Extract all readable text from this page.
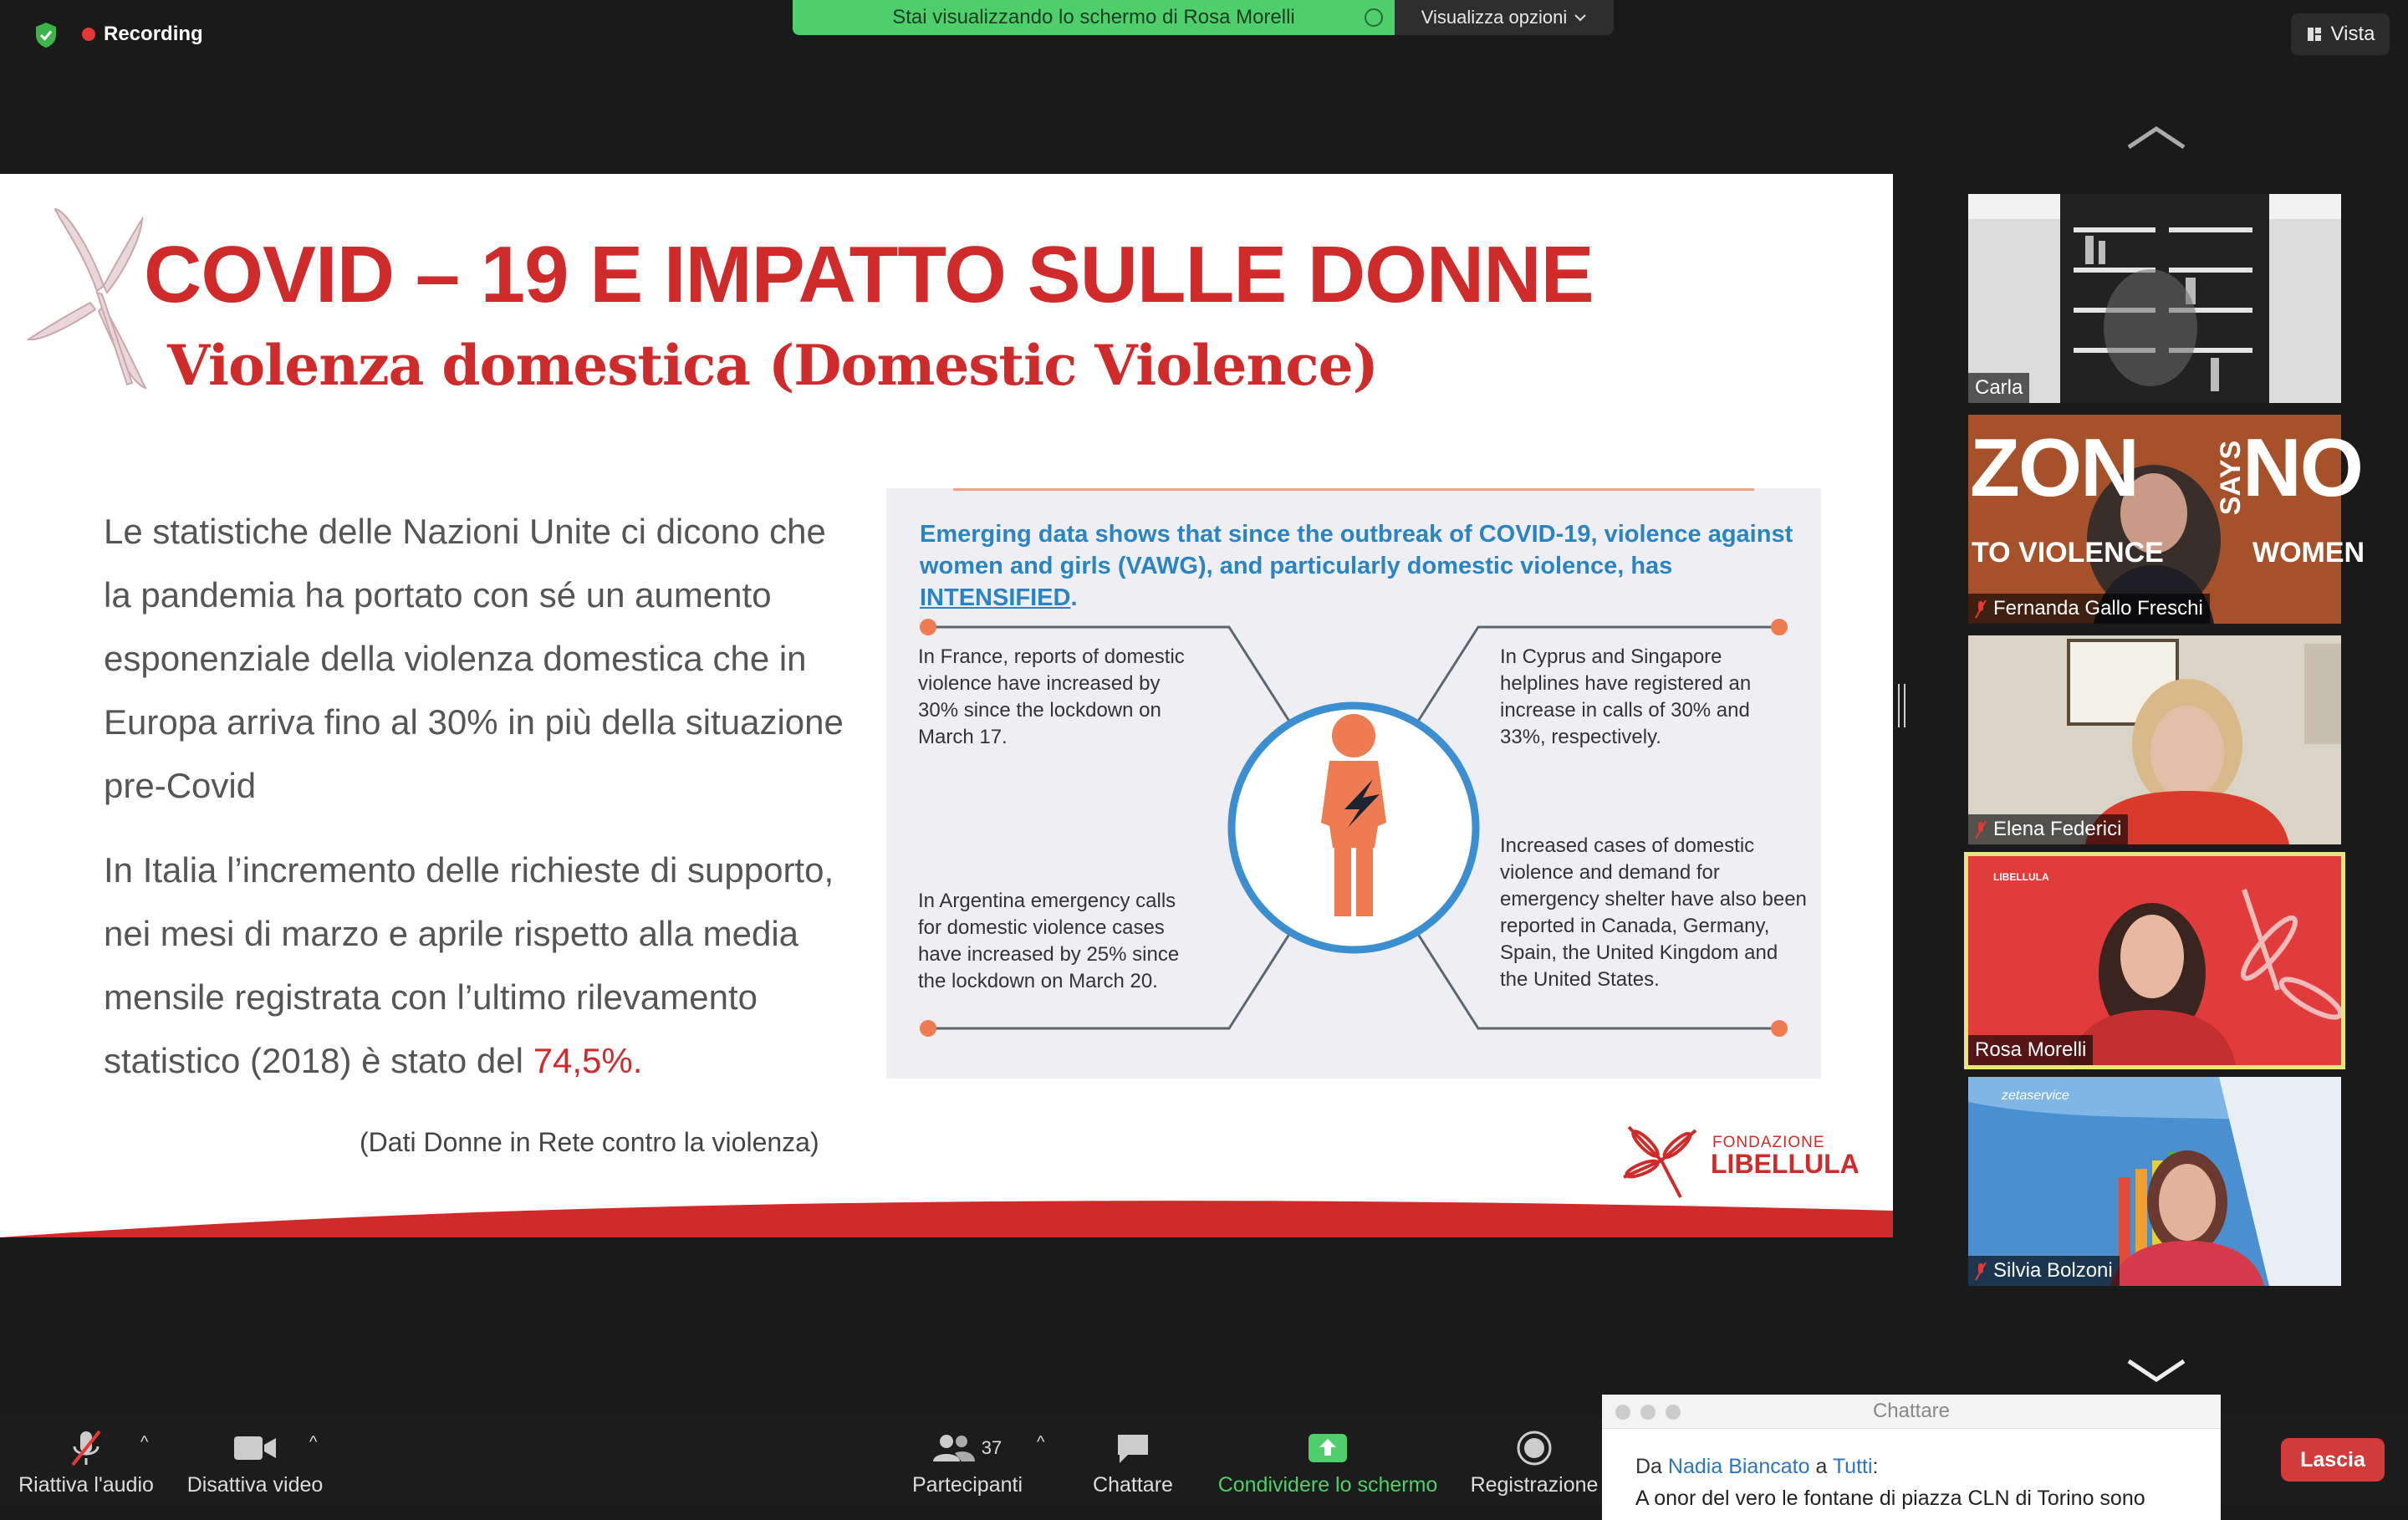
Recording
Stai visualizzando lo schermo di Rosa Morelli	Visualizza opzioni
Vista
COVID – 19 E IMPATTO SULLE DONNE
Violenza domestica (Domestic Violence)
Le statistiche delle Nazioni Unite ci dicono che la pandemia ha portato con sé un aumento esponenziale della violenza domestica che in Europa arriva fino al 30% in più della situazione pre-Covid
In Italia l’incremento delle richieste di supporto, nei mesi di marzo e aprile rispetto alla media mensile registrata con l’ultimo rilevamento statistico (2018) è stato del 74,5%.
(Dati Donne in Rete contro la violenza)
Emerging data shows that since the outbreak of COVID-19, violence against women and girls (VAWG), and particularly domestic violence, has INTENSIFIED.
In France, reports of domestic violence have increased by 30% since the lockdown on March 17.
In Cyprus and Singapore helplines have registered an increase in calls of 30% and 33%, respectively.
In Argentina emergency calls for domestic violence cases have increased by 25% since the lockdown on March 20.
Increased cases of domestic violence and demand for emergency shelter have also been reported in Canada, Germany, Spain, the United Kingdom and the United States.
FONDAZIONE
LIBELLULA
Carla
ZON NO
SAYS
TO VIOLENCE	WOMEN
Fernanda Gallo Freschi
Elena Federici
LIBELLULA
Rosa Morelli
zetaservice
Silvia Bolzoni
Riattiva l'audio
^
Disattiva video
^	37
Partecipanti
^
Chattare	Condividere lo schermo	Registrazione
Lascia
Chattare
Da Nadia Biancato a Tutti:
A onor del vero le fontane di piazza CLN di Torino sono
